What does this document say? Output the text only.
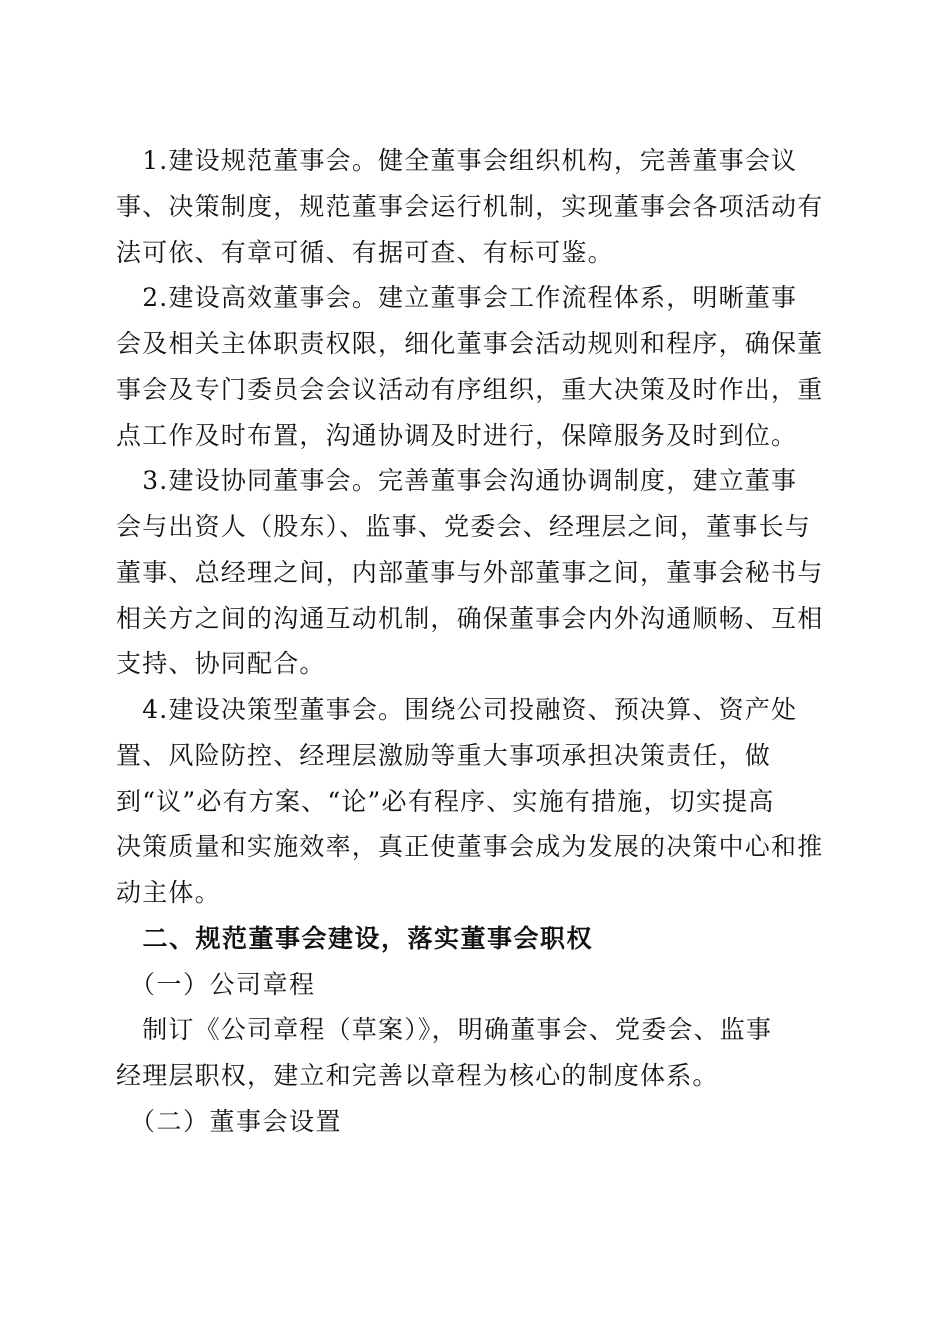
　1.建设规范董事会。健全董事会组织机构，完善董事会议
事、决策制度，规范董事会运行机制，实现董事会各项活动有
法可依、有章可循、有据可查、有标可鉴。
　2.建设高效董事会。建立董事会工作流程体系，明晰董事
会及相关主体职责权限，细化董事会活动规则和程序，确保董
事会及专门委员会会议活动有序组织，重大决策及时作出，重
点工作及时布置，沟通协调及时进行，保障服务及时到位。
　3.建设协同董事会。完善董事会沟通协调制度，建立董事
会与出资人（股东）、监事、党委会、经理层之间，董事长与
董事、总经理之间，内部董事与外部董事之间，董事会秘书与
相关方之间的沟通互动机制，确保董事会内外沟通顺畅、互相
支持、协同配合。
　4.建设决策型董事会。围绕公司投融资、预决算、资产处
置、风险防控、经理层激励等重大事项承担决策责任，做
到“议”必有方案、“论”必有程序、实施有措施，切实提高
决策质量和实施效率，真正使董事会成为发展的决策中心和推
动主体。
　二、规范董事会建设，落实董事会职权
　（一）公司章程
　制订《公司章程（草案）》，明确董事会、党委会、监事
经理层职权，建立和完善以章程为核心的制度体系。
　（二）董事会设置
